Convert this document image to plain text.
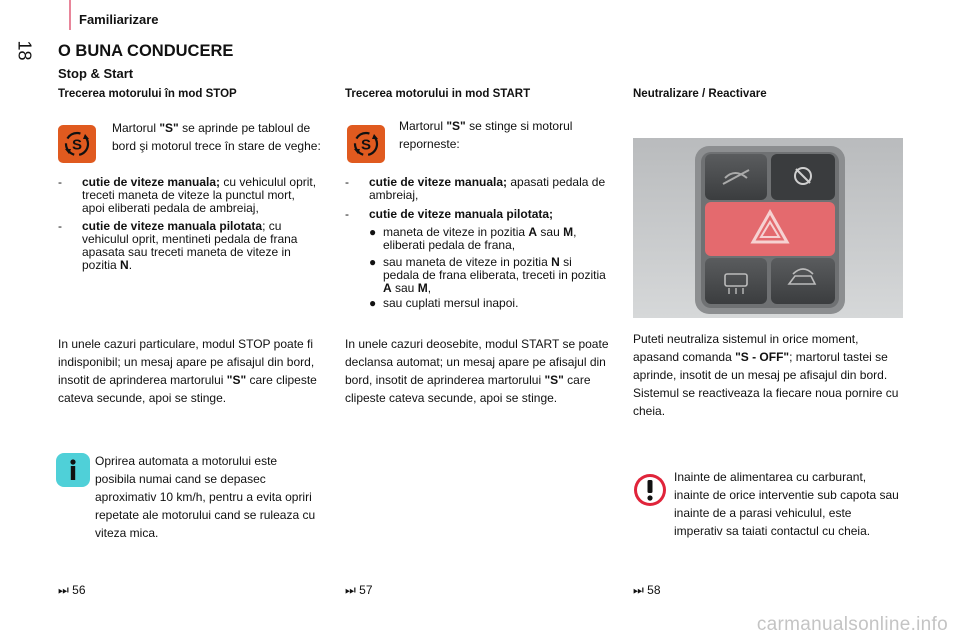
Familiarizare
18 O BUNA CONDUCERE
Stop & Start
Trecerea motorului în mod STOP
S
Martorul "S" se aprinde pe tabloul de bord şi motorul trece în stare de veghe:
- cutie de viteze manuala; cu vehiculul oprit, treceti maneta de viteze la punctul mort, apoi eliberati pedala de ambreiaj,
- cutie de viteze manuala pilotata; cu vehiculul oprit, mentineti pedala de frana apasata sau treceti maneta de viteze in pozitia N.
In unele cazuri particulare, modul STOP poate fi indisponibil; un mesaj apare pe afisajul din bord, insotit de aprinderea martorului "S" care clipeste cateva secunde, apoi se stinge.
Oprirea automata a motorului este posibila numai cand se depasec aproximativ 10 km/h, pentru a evita opriri repetate ale motorului cand se ruleaza cu viteza mica.
⏭ 56
Trecerea motorului in mod START
S
Martorul "S" se stinge si motorul reporneste:
- cutie de viteze manuala; apasati pedala de ambreiaj,
- cutie de viteze manuala pilotata;
● maneta de viteze in pozitia A sau M, eliberati pedala de frana,
● sau maneta de viteze in pozitia N si pedala de frana eliberata, treceti in pozitia A sau M,
● sau cuplati mersul inapoi.
In unele cazuri deosebite, modul START se poate declansa automat; un mesaj apare pe afisajul din bord, insotit de aprinderea martorului "S" care clipeste cateva secunde, apoi se stinge.
⏭ 57
Neutralizare / Reactivare
Puteti neutraliza sistemul in orice moment, apasand comanda "S - OFF"; martorul tastei se aprinde, insotit de un mesaj pe afisajul din bord.
Sistemul se reactiveaza la fiecare noua pornire cu cheia.
Inainte de alimentarea cu carburant, inainte de orice interventie sub capota sau inainte de a parasi vehiculul, este imperativ sa taiati contactul cu cheia.
⏭ 58
carmanualsonline.info
